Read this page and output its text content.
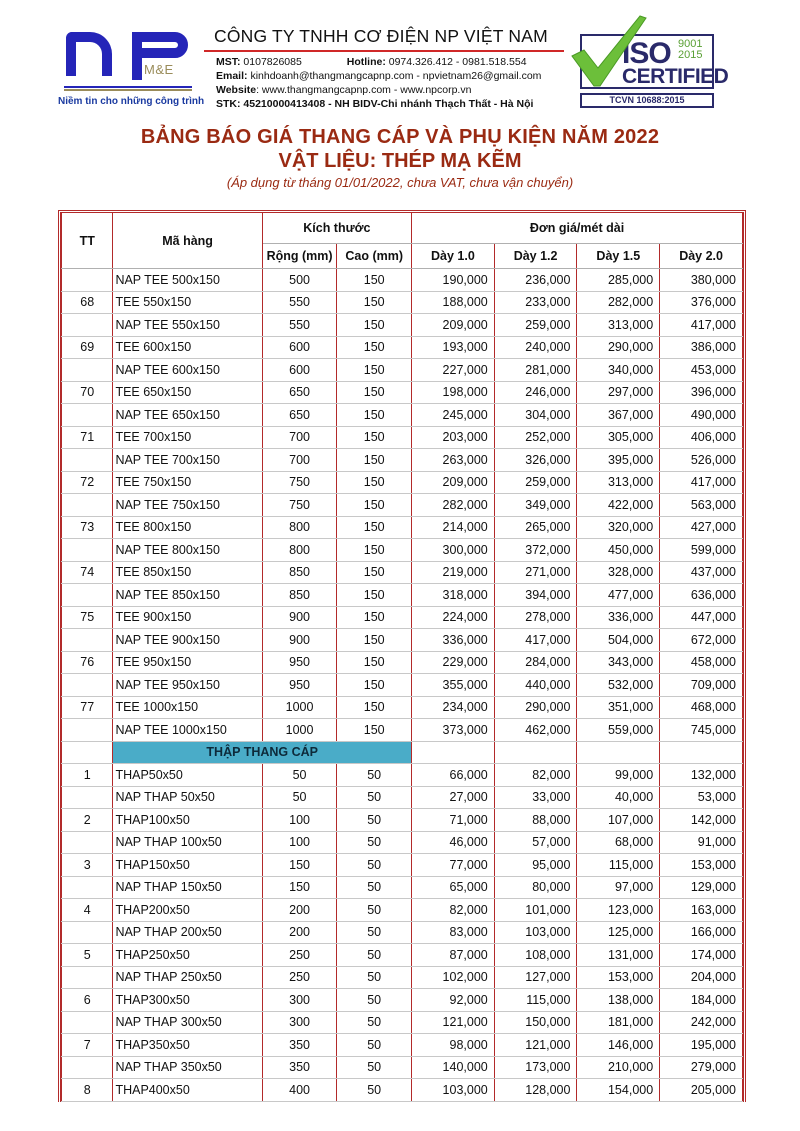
M&E
Niềm tin cho những công trình
CÔNG TY TNHH CƠ ĐIỆN NP VIỆT NAM
MST: 0107826085	Hotline: 0974.326.412 - 0981.518.554
Email: kinhdoanh@thangmangcapnp.com - npvietnam26@gmail.com
Website: www.thangmangcapnp.com - www.npcorp.vn
STK: 45210000413408 - NH BIDV-Chi nhánh Thạch Thất - Hà Nội
ISO 9001
2015
CERTIFIED
TCVN 10688:2015
BẢNG BÁO GIÁ THANG CÁP VÀ PHỤ KIỆN NĂM 2022
VẬT LIỆU: THÉP MẠ KẼM
(Áp dụng từ tháng 01/01/2022, chưa VAT, chưa vận chuyển)
TT	Mã hàng	Kích thước		Đơn giá/mét dài			
		Rộng (mm)	Cao (mm)	Dày 1.0	Dày 1.2	Dày 1.5	Dày 2.0
	NAP TEE 500x150	500	150	190,000	236,000	285,000	380,000
68	TEE 550x150	550	150	188,000	233,000	282,000	376,000
	NAP TEE 550x150	550	150	209,000	259,000	313,000	417,000
69	TEE 600x150	600	150	193,000	240,000	290,000	386,000
	NAP TEE 600x150	600	150	227,000	281,000	340,000	453,000
70	TEE 650x150	650	150	198,000	246,000	297,000	396,000
	NAP TEE 650x150	650	150	245,000	304,000	367,000	490,000
71	TEE 700x150	700	150	203,000	252,000	305,000	406,000
	NAP TEE 700x150	700	150	263,000	326,000	395,000	526,000
72	TEE 750x150	750	150	209,000	259,000	313,000	417,000
	NAP TEE 750x150	750	150	282,000	349,000	422,000	563,000
73	TEE 800x150	800	150	214,000	265,000	320,000	427,000
	NAP TEE 800x150	800	150	300,000	372,000	450,000	599,000
74	TEE 850x150	850	150	219,000	271,000	328,000	437,000
	NAP TEE 850x150	850	150	318,000	394,000	477,000	636,000
75	TEE 900x150	900	150	224,000	278,000	336,000	447,000
	NAP TEE 900x150	900	150	336,000	417,000	504,000	672,000
76	TEE 950x150	950	150	229,000	284,000	343,000	458,000
	NAP TEE 950x150	950	150	355,000	440,000	532,000	709,000
77	TEE 1000x150	1000	150	234,000	290,000	351,000	468,000
	NAP TEE 1000x150	1000	150	373,000	462,000	559,000	745,000
	THẬP THANG CÁP						
1	THAP50x50	50	50	66,000	82,000	99,000	132,000
	NAP THAP 50x50	50	50	27,000	33,000	40,000	53,000
2	THAP100x50	100	50	71,000	88,000	107,000	142,000
	NAP THAP 100x50	100	50	46,000	57,000	68,000	91,000
3	THAP150x50	150	50	77,000	95,000	115,000	153,000
	NAP THAP 150x50	150	50	65,000	80,000	97,000	129,000
4	THAP200x50	200	50	82,000	101,000	123,000	163,000
	NAP THAP 200x50	200	50	83,000	103,000	125,000	166,000
5	THAP250x50	250	50	87,000	108,000	131,000	174,000
	NAP THAP 250x50	250	50	102,000	127,000	153,000	204,000
6	THAP300x50	300	50	92,000	115,000	138,000	184,000
	NAP THAP 300x50	300	50	121,000	150,000	181,000	242,000
7	THAP350x50	350	50	98,000	121,000	146,000	195,000
	NAP THAP 350x50	350	50	140,000	173,000	210,000	279,000
8	THAP400x50	400	50	103,000	128,000	154,000	205,000
